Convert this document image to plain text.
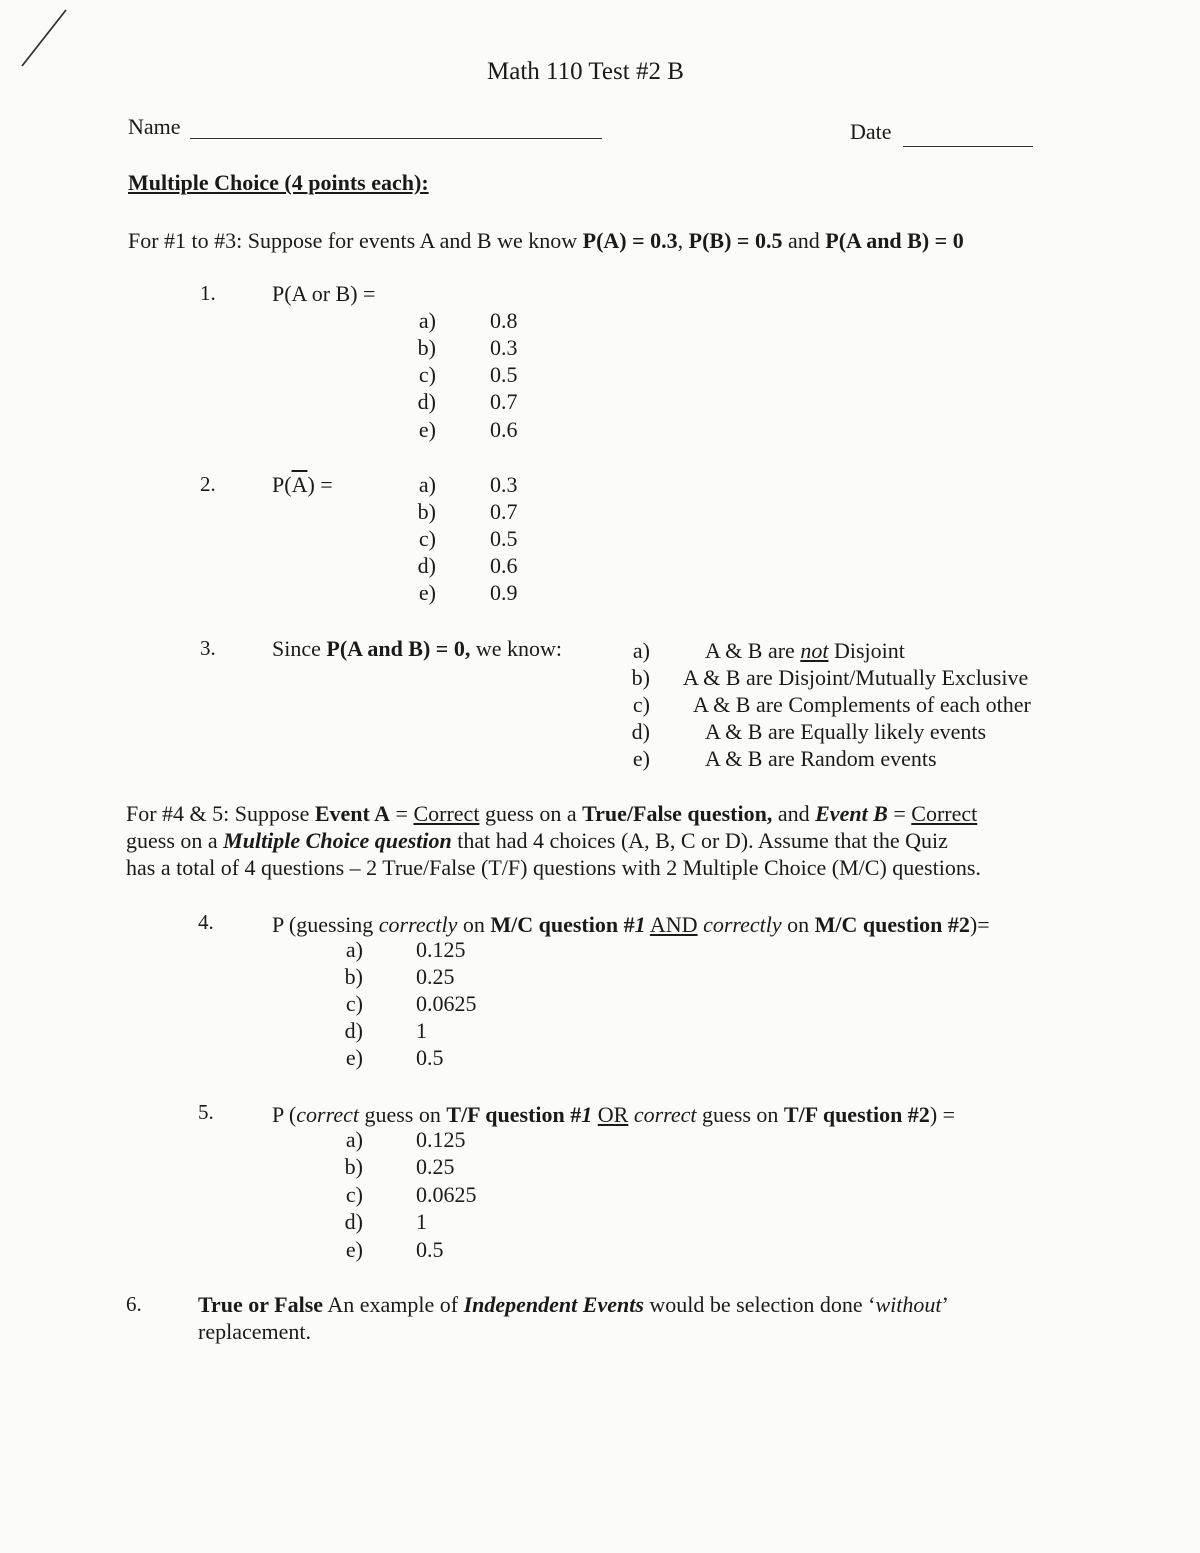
Math 110 Test #2 B
Name	Date
Multiple Choice (4 points each):
For #1 to #3: Suppose for events A and B we know P(A) = 0.3, P(B) = 0.5 and P(A and B) = 0
1.	P(A or B) =
a) 0.8
b) 0.3
c) 0.5
d) 0.7
e) 0.6
2.	$P(\overline{A})$ =	a) 0.3
b) 0.7
c) 0.5
d) 0.6
e) 0.9
3.	Since P(A and B) = 0, we know:	a)	A & B are not Disjoint
b) A & B are Disjoint/Mutually Exclusive
c) A & B are Complements of each other
d)	A & B are Equally likely events
e)	A & B are Random events
For #4 & 5: Suppose Event A = Correct guess on a True/False question, and Event B = Correct
guess on a Multiple Choice question that had 4 choices (A, B, C or D). Assume that the Quiz
has a total of 4 questions – 2 True/False (T/F) questions with 2 Multiple Choice (M/C) questions.
4.	P (guessing correctly on M/C question #1 AND correctly on M/C question #2)=
a) 0.125
b) 0.25
c) 0.0625
d) 1
e) 0.5
5.	P (correct guess on T/F question #1 OR correct guess on T/F question #2) =
a) 0.125
b) 0.25
c) 0.0625
d) 1
e) 0.5
6.	True or False An example of Independent Events would be selection done ‘without’
replacement.
